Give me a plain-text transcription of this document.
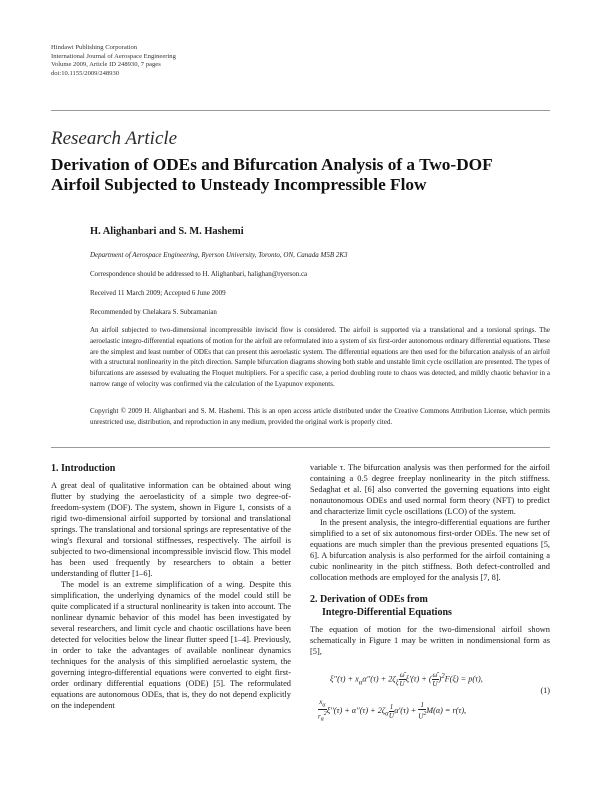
Hindawi Publishing Corporation
International Journal of Aerospace Engineering
Volume 2009, Article ID 248930, 7 pages
doi:10.1155/2009/248930
Research Article
Derivation of ODEs and Bifurcation Analysis of a Two-DOF
Airfoil Subjected to Unsteady Incompressible Flow
H. Alighanbari and S. M. Hashemi
Department of Aerospace Engineering, Ryerson University, Toronto, ON, Canada M5B 2K3
Correspondence should be addressed to H. Alighanbari, halighan@ryerson.ca
Received 11 March 2009; Accepted 6 June 2009
Recommended by Chelakara S. Subramanian
An airfoil subjected to two-dimensional incompressible inviscid flow is considered. The airfoil is supported via a translational and a torsional springs. The aeroelastic integro-differential equations of motion for the airfoil are reformulated into a system of six first-order autonomous ordinary differential equations. These are the simplest and least number of ODEs that can present this aeroelastic system. The differential equations are then used for the bifurcation analysis of an airfoil with a structural nonlinearity in the pitch direction. Sample bifurcation diagrams showing both stable and unstable limit cycle oscillation are presented. The types of bifurcations are assessed by evaluating the Floquet multipliers. For a specific case, a period doubling route to chaos was detected, and mildly chaotic behavior in a narrow range of velocity was confirmed via the calculation of the Lyapunov exponents.
Copyright © 2009 H. Alighanbari and S. M. Hashemi. This is an open access article distributed under the Creative Commons Attribution License, which permits unrestricted use, distribution, and reproduction in any medium, provided the original work is properly cited.
1. Introduction

A great deal of qualitative information can be obtained about wing flutter by studying the aeroelasticity of a simple two degree-of-freedom-system (DOF). The system, shown in Figure 1, consists of a rigid two-dimensional airfoil supported by torsional and translational springs. The translational and torsional springs are representative of the wing's flexural and torsional stiffnesses, respectively. The airfoil is subjected to two-dimensional incompressible inviscid flow. This model has been used frequently by researchers to obtain a better understanding of flutter [1–6].

The model is an extreme simplification of a wing. Despite this simplification, the underlying dynamics of the model could still be quite complicated if a structural nonlinearity is taken into account. The nonlinear dynamic behavior of this model has been investigated by several researchers, and limit cycle and chaotic oscillations have been detected for velocities below the linear flutter speed [1–4]. Previously, in order to take the advantages of available nonlinear dynamics techniques for the analysis of this simplified aeroelastic system, the governing integro-differential equations were converted to eight first-order ordinary differential equations (ODE) [5]. The reformulated equations are autonomous ODEs, that is, they do not depend explicitly on the independent

variable τ. The bifurcation analysis was then performed for the airfoil containing a 0.5 degree freeplay nonlinearity in the pitch stiffness. Sedaghat et al. [6] also converted the governing equations into eight nonautonomous ODEs and used normal form theory (NFT) to predict and characterize limit cycle oscillations (LCO) of the system.

In the present analysis, the integro-differential equations are further simplified to a set of six autonomous first-order ODEs. The new set of equations are much simpler than the previous presented equations [5, 6]. A bifurcation analysis is also performed for the airfoil containing a cubic nonlinearity in the pitch stiffness. Both defect-controlled and collocation methods are employed for the analysis [7, 8].

2. Derivation of ODEs from
Integro-Differential Equations

The equation of motion for the two-dimensional airfoil shown schematically in Figure 1 may be written in nondimensional form as [5],

$\xi''(\tau) + x_\alpha\alpha''(\tau) + 2\zeta_\xi \frac{\omegā}{U} \xi'(\tau)$ + ( $\frac{\omegā}{U} )^2F(\xi) = p(\tau)$,
$\frac{x_\alpha}{r_\alpha^2} \xi''(\tau) + \alpha''(\tau) + 2\zeta_\alpha \frac{1}{U} \alpha'(\tau) + \frac{1}{U^2} M(\alpha) = r(\tau)$,
(1)
